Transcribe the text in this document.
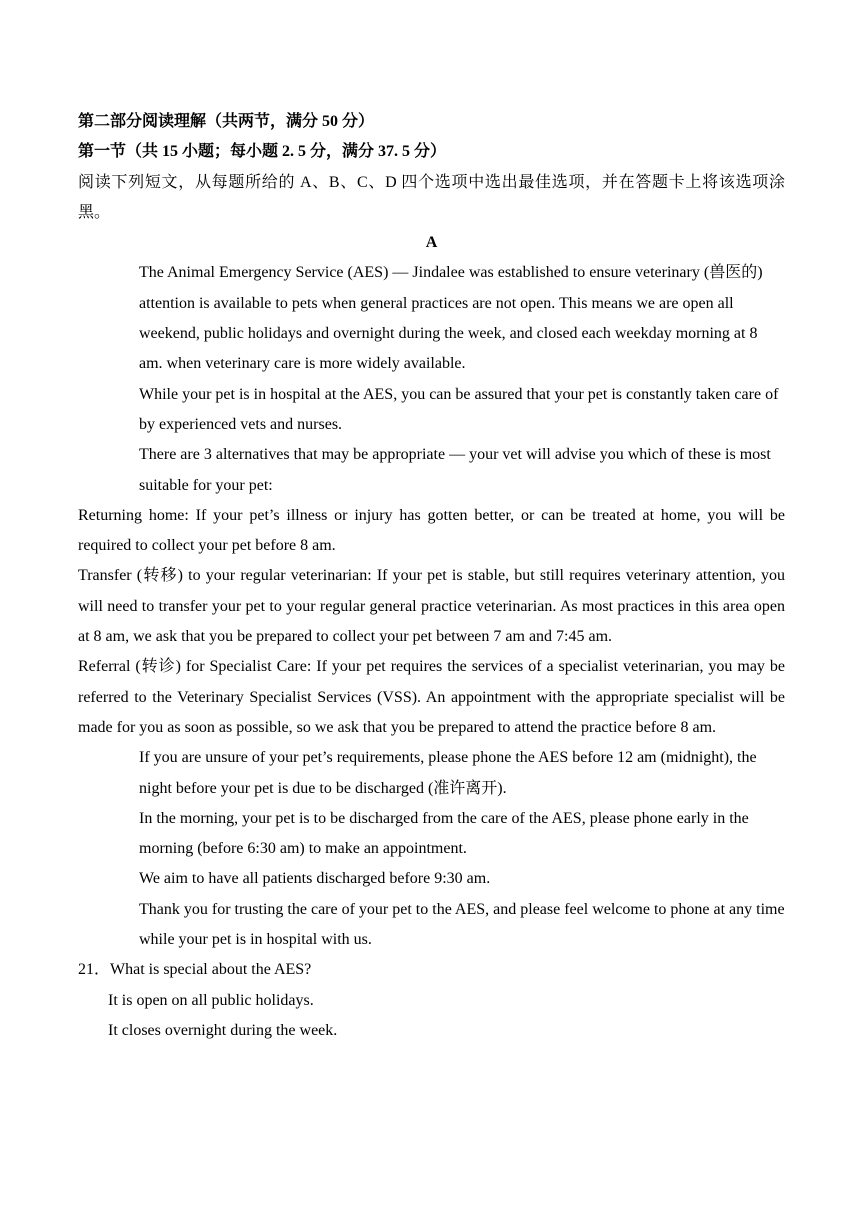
第二部分阅读理解（共两节，满分 50 分）

第一节（共 15 小题；每小题 2. 5 分，满分 37. 5 分）

阅读下列短文，从每题所给的 A、B、C、D 四个选项中选出最佳选项，并在答题卡上将该选项涂黑。

A

The Animal Emergency Service (AES) — Jindalee was established to ensure veterinary (兽医的) attention is available to pets when general practices are not open. This means we are open all weekend, public holidays and overnight during the week, and closed each weekday morning at 8 am. when veterinary care is more widely available.

While your pet is in hospital at the AES, you can be assured that your pet is constantly taken care of by experienced vets and nurses.

There are 3 alternatives that may be appropriate — your vet will advise you which of these is most suitable for your pet:

Returning home: If your pet’s illness or injury has gotten better, or can be treated at home, you will be required to collect your pet before 8 am.

Transfer (转移) to your regular veterinarian: If your pet is stable, but still requires veterinary attention, you will need to transfer your pet to your regular general practice veterinarian. As most practices in this area open at 8 am, we ask that you be prepared to collect your pet between 7 am and 7:45 am.

Referral (转诊) for Specialist Care: If your pet requires the services of a specialist veterinarian, you may be referred to the Veterinary Specialist Services (VSS). An appointment with the appropriate specialist will be made for you as soon as possible, so we ask that you be prepared to attend the practice before 8 am.

If you are unsure of your pet’s requirements, please phone the AES before 12 am (midnight), the night before your pet is due to be discharged (准许离开).

In the morning, your pet is to be discharged from the care of the AES, please phone early in the morning (before 6:30 am) to make an appointment.

We aim to have all patients discharged before 9:30 am.

Thank you for trusting the care of your pet to the AES, and please feel welcome to phone at any time while your pet is in hospital with us.

21．What is special about the AES?

It is open on all public holidays.

It closes overnight during the week.
